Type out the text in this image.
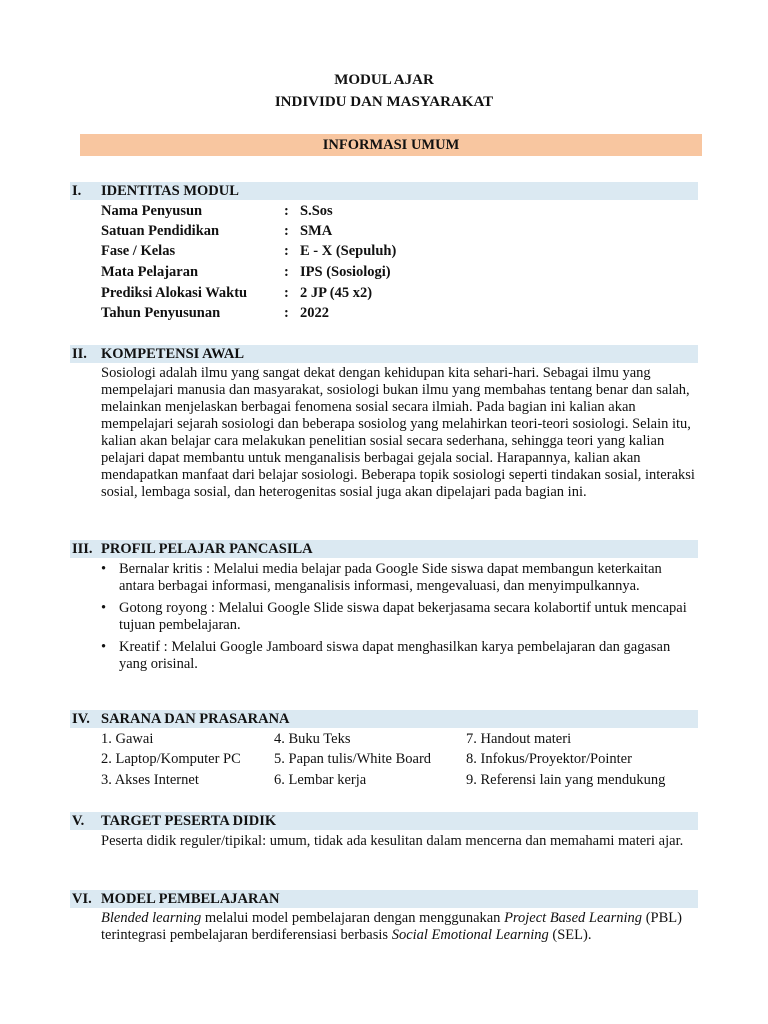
MODUL AJAR
INDIVIDU DAN MASYARAKAT
INFORMASI UMUM
I. IDENTITAS MODUL
Nama Penyusun	: S.Sos
Satuan Pendidikan	: SMA
Fase / Kelas	: E - X (Sepuluh)
Mata Pelajaran	: IPS (Sosiologi)
Prediksi Alokasi Waktu	: 2 JP (45 x2)
Tahun Penyusunan	: 2022
II. KOMPETENSI AWAL
Sosiologi adalah ilmu yang sangat dekat dengan kehidupan kita sehari-hari. Sebagai ilmu yang mempelajari manusia dan masyarakat, sosiologi bukan ilmu yang membahas tentang benar dan salah, melainkan menjelaskan berbagai fenomena sosial secara ilmiah. Pada bagian ini kalian akan mempelajari sejarah sosiologi dan beberapa sosiolog yang melahirkan teori-teori sosiologi. Selain itu, kalian akan belajar cara melakukan penelitian sosial secara sederhana, sehingga teori yang kalian pelajari dapat membantu untuk menganalisis berbagai gejala social. Harapannya, kalian akan mendapatkan manfaat dari belajar sosiologi. Beberapa topik sosiologi seperti tindakan sosial, interaksi sosial, lembaga sosial, dan heterogenitas sosial juga akan dipelajari pada bagian ini.
III. PROFIL PELAJAR PANCASILA
• Bernalar kritis : Melalui media belajar pada Google Side siswa dapat membangun keterkaitan antara berbagai informasi, menganalisis informasi, mengevaluasi, dan menyimpulkannya.
• Gotong royong : Melalui Google Slide siswa dapat bekerjasama secara kolabortif untuk mencapai tujuan pembelajaran.
• Kreatif : Melalui Google Jamboard siswa dapat menghasilkan karya pembelajaran dan gagasan yang orisinal.
IV. SARANA DAN PRASARANA
1. Gawai	4. Buku Teks	7. Handout materi
2. Laptop/Komputer PC 5. Papan tulis/White Board 8. Infokus/Proyektor/Pointer
3. Akses Internet	6. Lembar kerja	9. Referensi lain yang mendukung
V. TARGET PESERTA DIDIK
Peserta didik reguler/tipikal: umum, tidak ada kesulitan dalam mencerna dan memahami materi ajar.
VI. MODEL PEMBELAJARAN
Blended learning melalui model pembelajaran dengan menggunakan Project Based Learning (PBL) terintegrasi pembelajaran berdiferensiasi berbasis Social Emotional Learning (SEL).
